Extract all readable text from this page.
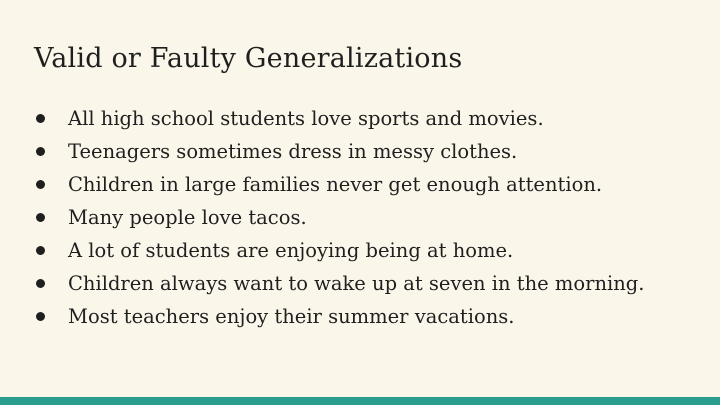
Valid or Faulty Generalizations
All high school students love sports and movies.
Teenagers sometimes dress in messy clothes.
Children in large families never get enough attention.
Many people love tacos.
A lot of students are enjoying being at home.
Children always want to wake up at seven in the morning.
Most teachers enjoy their summer vacations.
